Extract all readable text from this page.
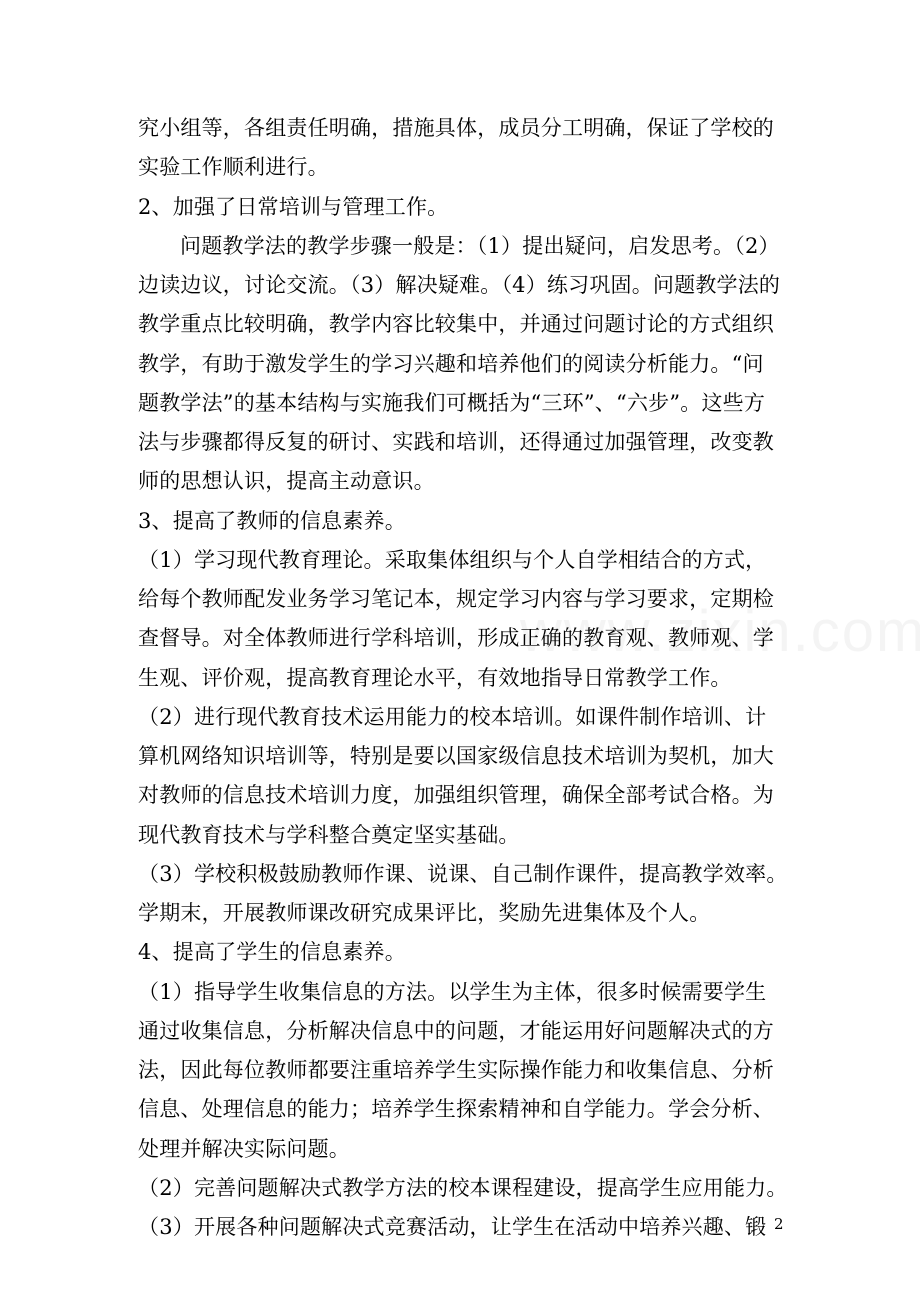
究小组等，各组责任明确，措施具体，成员分工明确，保证了学校的
实验工作顺利进行。
2、加强了日常培训与管理工作。
问题教学法的教学步骤一般是：（1）提出疑问，启发思考。（2）
边读边议，讨论交流。（3）解决疑难。（4）练习巩固。问题教学法的
教学重点比较明确，教学内容比较集中，并通过问题讨论的方式组织
教学，有助于激发学生的学习兴趣和培养他们的阅读分析能力。“问
题教学法”的基本结构与实施我们可概括为“三环”、“六步”。这些方
法与步骤都得反复的研讨、实践和培训，还得通过加强管理，改变教
师的思想认识，提高主动意识。
3、提高了教师的信息素养。
（1）学习现代教育理论。采取集体组织与个人自学相结合的方式，
给每个教师配发业务学习笔记本，规定学习内容与学习要求，定期检
查督导。对全体教师进行学科培训，形成正确的教育观、教师观、学
生观、评价观，提高教育理论水平，有效地指导日常教学工作。
（2）进行现代教育技术运用能力的校本培训。如课件制作培训、计
算机网络知识培训等，特别是要以国家级信息技术培训为契机，加大
对教师的信息技术培训力度，加强组织管理，确保全部考试合格。为
现代教育技术与学科整合奠定坚实基础。
（3）学校积极鼓励教师作课、说课、自己制作课件，提高教学效率。
学期末，开展教师课改研究成果评比，奖励先进集体及个人。
4、提高了学生的信息素养。
（1）指导学生收集信息的方法。以学生为主体，很多时候需要学生
通过收集信息，分析解决信息中的问题，才能运用好问题解决式的方
法，因此每位教师都要注重培养学生实际操作能力和收集信息、分析
信息、处理信息的能力；培养学生探索精神和自学能力。学会分析、
处理并解决实际问题。
（2）完善问题解决式教学方法的校本课程建设，提高学生应用能力。
（3）开展各种问题解决式竞赛活动，让学生在活动中培养兴趣、锻 2
